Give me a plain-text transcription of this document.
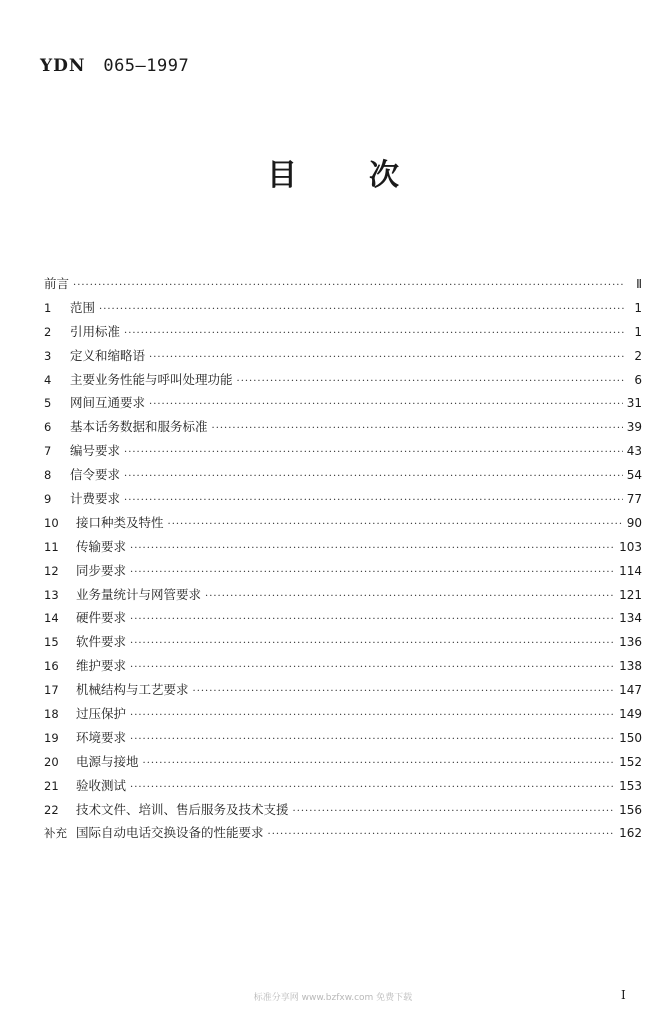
YDN 065—1997
目次
前言 ·····	Ⅱ
1	范围 ·····	1
2	引用标准 ·····	1
3	定义和缩略语 ·····	2
4	主要业务性能与呼叫处理功能 ·····	6
5	网间互通要求 ·····	31
6	基本话务数据和服务标准 ·····	39
7	编号要求 ·····	43
8	信令要求 ·····	54
9	计费要求 ·····	77
10	接口种类及特性 ·····	90
11	传输要求 ·····	103
12	同步要求 ·····	114
13	业务量统计与网管要求 ·····	121
14	硬件要求 ·····	134
15	软件要求 ·····	136
16	维护要求 ·····	138
17	机械结构与工艺要求 ·····	147
18	过压保护 ·····	149
19	环境要求 ·····	150
20	电源与接地 ·····	152
21	验收测试 ·····	153
22	技术文件、培训、售后服务及技术支援 ·····	156
补充 国际自动电话交换设备的性能要求 ·····	162
标准分享网 www.bzfxw.com 免费下载	I
